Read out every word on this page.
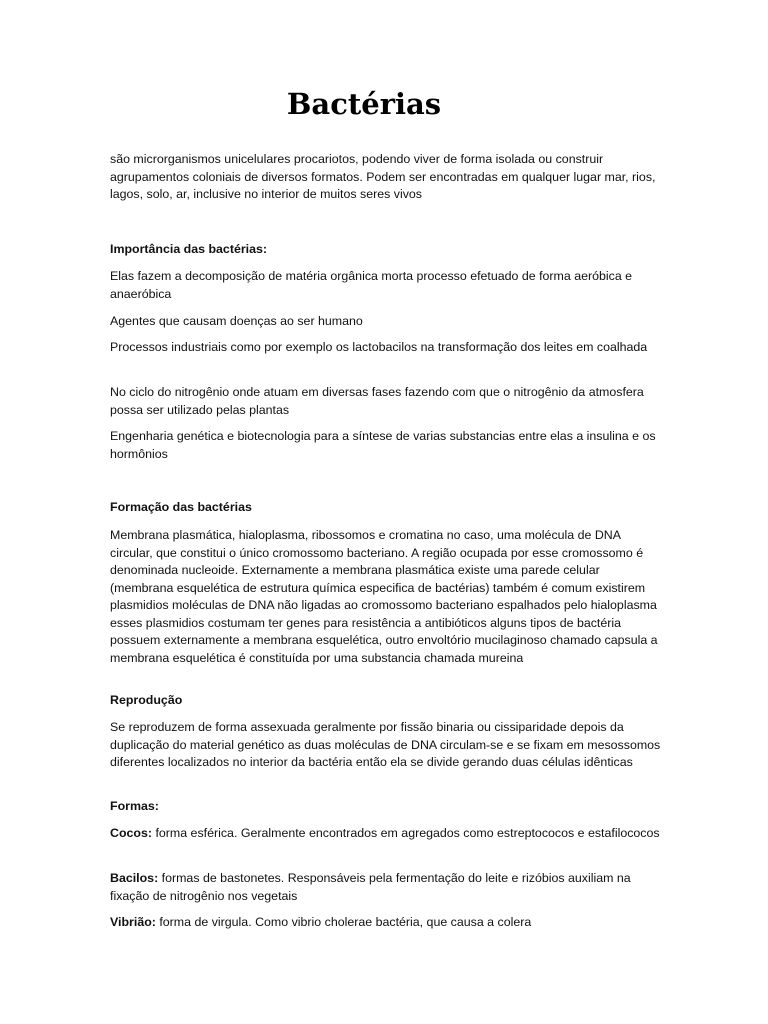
Bactérias

são microrganismos unicelulares procariotos, podendo viver de forma isolada ou construir agrupamentos coloniais de diversos formatos. Podem ser encontradas em qualquer lugar mar, rios, lagos, solo, ar, inclusive no interior de muitos seres vivos

Importância das bactérias:

Elas fazem a decomposição de matéria orgânica morta processo efetuado de forma aeróbica e anaeróbica

Agentes que causam doenças ao ser humano

Processos industriais como por exemplo os lactobacilos na transformação dos leites em coalhada

No ciclo do nitrogênio onde atuam em diversas fases fazendo com que o nitrogênio da atmosfera possa ser utilizado pelas plantas

Engenharia genética e biotecnologia para a síntese de varias substancias entre elas a insulina e os hormônios

Formação das bactérias

Membrana plasmática, hialoplasma, ribossomos e cromatina no caso, uma molécula de DNA circular, que constitui o único cromossomo bacteriano. A região ocupada por esse cromossomo é denominada nucleoide. Externamente a membrana plasmática existe uma parede celular (membrana esquelética de estrutura química especifica de bactérias) também é comum existirem plasmidios moléculas de DNA não ligadas ao cromossomo bacteriano espalhados pelo hialoplasma esses plasmidios costumam ter genes para resistência a antibióticos alguns tipos de bactéria possuem externamente a membrana esquelética, outro envoltório mucilaginoso chamado capsula a membrana esquelética é constituída por uma substancia chamada mureina

Reprodução

Se reproduzem de forma assexuada geralmente por fissão binaria ou cissiparidade depois da duplicação do material genético as duas moléculas de DNA circulam-se e se fixam em mesossomos diferentes localizados no interior da bactéria então ela se divide gerando duas células idênticas

Formas:

Cocos: forma esférica. Geralmente encontrados em agregados como estreptococos e estafilococos

Bacilos: formas de bastonetes. Responsáveis pela fermentação do leite e rizóbios auxiliam na fixação de nitrogênio nos vegetais

Vibrião: forma de virgula. Como vibrio cholerae bactéria, que causa a colera
